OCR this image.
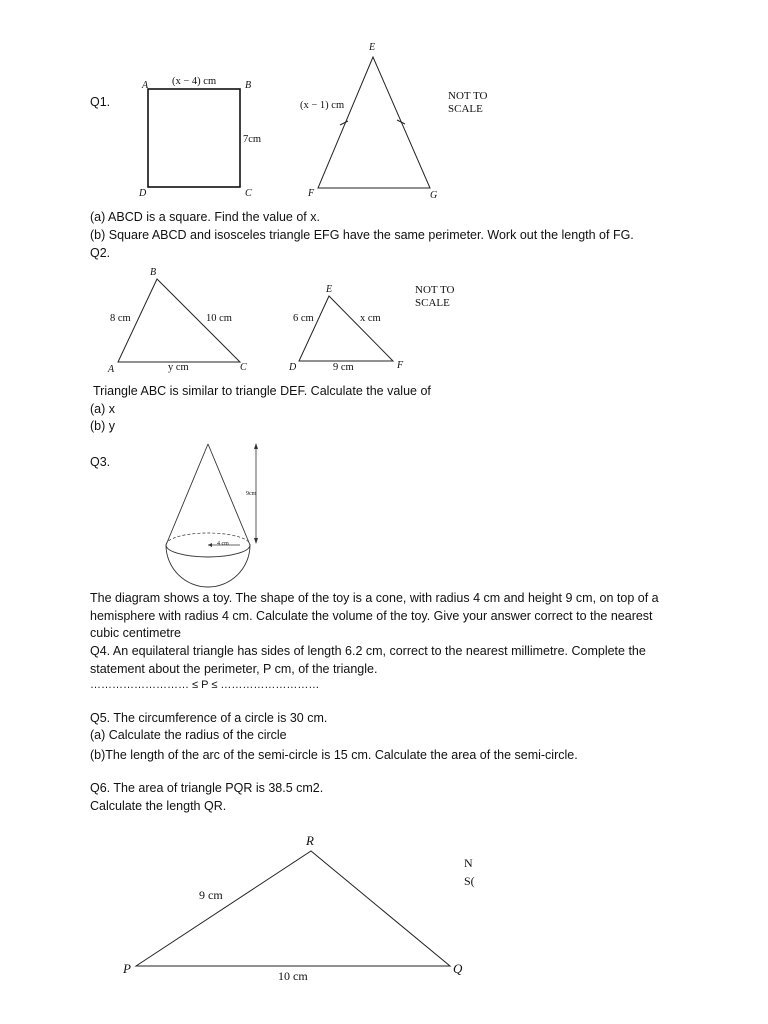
Q1.
A (x − 4) cm	B
7cm
D	C
E
(x − 1) cm
F	G
NOT TO
SCALE
(a) ABCD is a square. Find the value of x.
(b) Square ABCD and isosceles triangle EFG have the same perimeter. Work out the length of FG.
Q2.
B
8 cm	10 cm
A	y cm	C
E
6 cm	x cm
D	9 cm	F
NOT TO
SCALE
Triangle ABC is similar to triangle DEF. Calculate the value of
(a) x
(b) y
Q3.
9cm
4 cm
The diagram shows a toy. The shape of the toy is a cone, with radius 4 cm and height 9 cm, on top of a hemisphere with radius 4 cm. Calculate the volume of the toy. Give your answer correct to the nearest cubic centimetre
Q4. An equilateral triangle has sides of length 6.2 cm, correct to the nearest millimetre. Complete the statement about the perimeter, P cm, of the triangle.
……………………… ≤ P ≤ ………………………
Q5. The circumference of a circle is 30 cm.
(a) Calculate the radius of the circle
(b)The length of the arc of the semi-circle is 15 cm. Calculate the area of the semi-circle.
Q6. The area of triangle PQR is 38.5 cm2.
Calculate the length QR.
R
9 cm
P	10 cm	Q
N
S(
